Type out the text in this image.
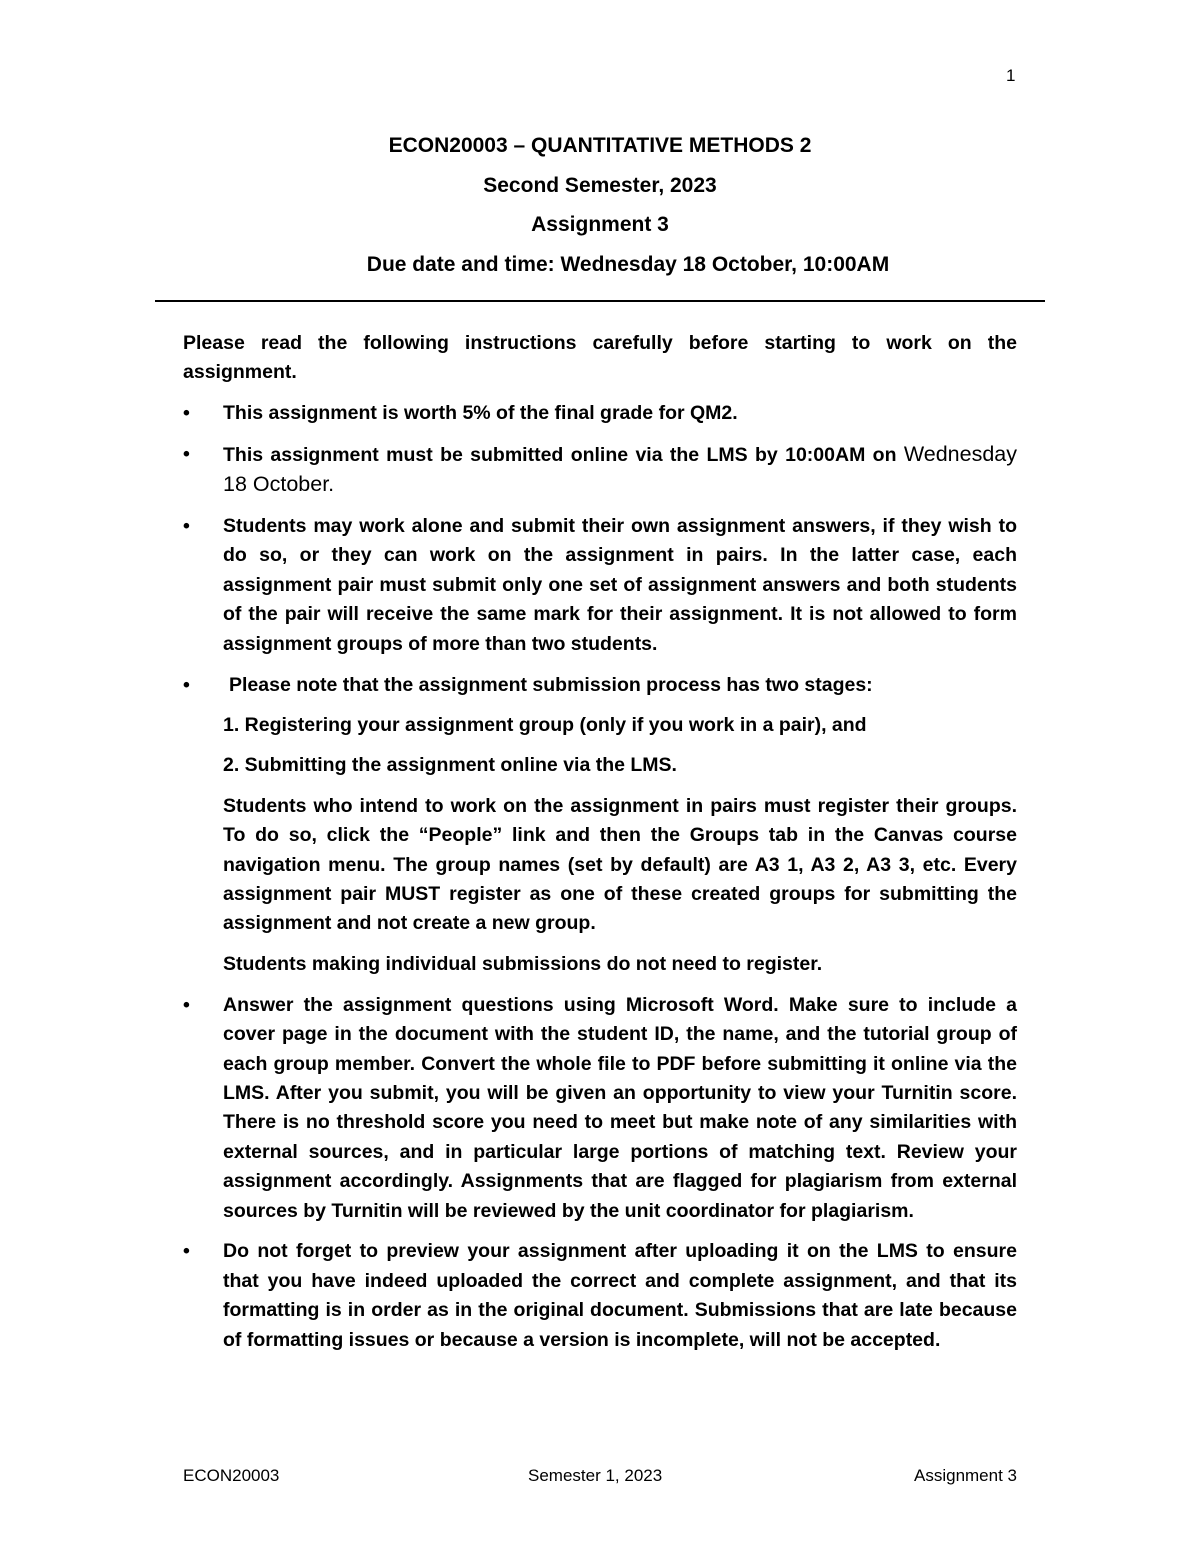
1
ECON20003 – QUANTITATIVE METHODS 2
Second Semester, 2023
Assignment 3
Due date and time: Wednesday 18 October, 10:00AM

Please read the following instructions carefully before starting to work on the assignment.

• This assignment is worth 5% of the final grade for QM2.
• This assignment must be submitted online via the LMS by 10:00AM on Wednesday 18 October.
• Students may work alone and submit their own assignment answers, if they wish to do so, or they can work on the assignment in pairs. In the latter case, each assignment pair must submit only one set of assignment answers and both students of the pair will receive the same mark for their assignment. It is not allowed to form assignment groups of more than two students.

• Please note that the assignment submission process has two stages:

1. Registering your assignment group (only if you work in a pair), and

2. Submitting the assignment online via the LMS.

Students who intend to work on the assignment in pairs must register their groups. To do so, click the “People” link and then the Groups tab in the Canvas course navigation menu. The group names (set by default) are A3 1, A3 2, A3 3, etc. Every assignment pair MUST register as one of these created groups for submitting the assignment and not create a new group.

Students making individual submissions do not need to register.

• Answer the assignment questions using Microsoft Word. Make sure to include a cover page in the document with the student ID, the name, and the tutorial group of each group member. Convert the whole file to PDF before submitting it online via the LMS. After you submit, you will be given an opportunity to view your Turnitin score. There is no threshold score you need to meet but make note of any similarities with external sources, and in particular large portions of matching text. Review your assignment accordingly. Assignments that are flagged for plagiarism from external sources by Turnitin will be reviewed by the unit coordinator for plagiarism.
• Do not forget to preview your assignment after uploading it on the LMS to ensure that you have indeed uploaded the correct and complete assignment, and that its formatting is in order as in the original document. Submissions that are late because of formatting issues or because a version is incomplete, will not be accepted.
ECON20003	Semester 1, 2023	Assignment 3
